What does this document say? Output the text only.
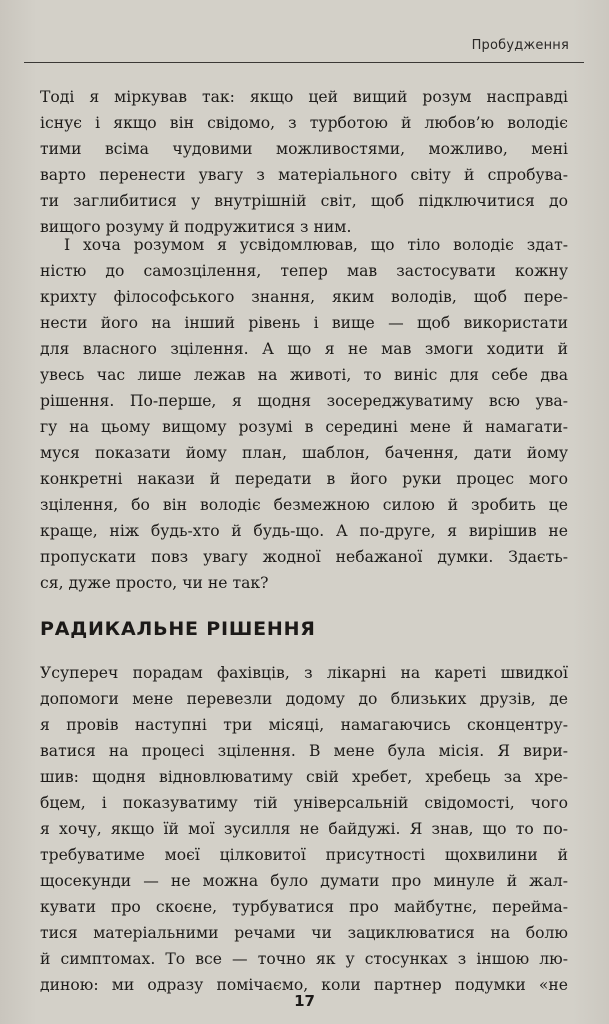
Пробудження
Тоді я міркував так: якщо цей вищий розум насправді
існує і якщо він свідомо, з турботою й любов’ю володіє
тими всіма чудовими можливостями, можливо, мені
варто перенести увагу з матеріального світу й спробува-
ти заглибитися у внутрішній світ, щоб підключитися до
вищого розуму й подружитися з ним.
І хоча розумом я усвідомлював, що тіло володіє здат-
ністю до самозцілення, тепер мав застосувати кожну
крихту філософського знання, яким володів, щоб пере-
нести його на інший рівень і вище — щоб використати
для власного зцілення. А що я не мав змоги ходити й
увесь час лише лежав на животі, то виніс для себе два
рішення. По-перше, я щодня зосереджуватиму всю ува-
гу на цьому вищому розумі в середині мене й намагати-
муся показати йому план, шаблон, бачення, дати йому
конкретні накази й передати в його руки процес мого
зцілення, бо він володіє безмежною силою й зробить це
краще, ніж будь-хто й будь-що. А по-друге, я вирішив не
пропускати повз увагу жодної небажаної думки. Здаєть-
ся, дуже просто, чи не так?
РАДИКАЛЬНЕ РІШЕННЯ
Усупереч порадам фахівців, з лікарні на кареті швидкої
допомоги мене перевезли додому до близьких друзів, де
я провів наступні три місяці, намагаючись сконцентру-
ватися на процесі зцілення. В мене була місія. Я вири-
шив: щодня відновлюватиму свій хребет, хребець за хре-
бцем, і показуватиму тій універсальній свідомості, чого
я хочу, якщо їй мої зусилля не байдужі. Я знав, що то по-
требуватиме моєї цілковитої присутності щохвилини й
щосекунди — не можна було думати про минуле й жал-
кувати про скоєне, турбуватися про майбутнє, переймa-
тися матеріальними речами чи зациклюватися на болю
й симптомах. То все — точно як у стосунках з іншою лю-
диною: ми одразу помічаємо, коли партнер подумки «не
17
